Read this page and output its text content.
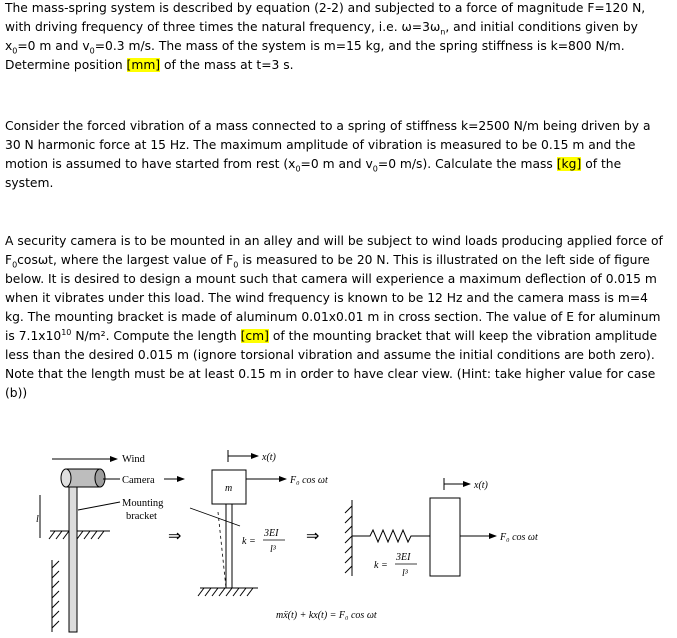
The mass-spring system is described by equation (2-2) and subjected to a force of magnitude F=120 N, with driving frequency of three times the natural frequency, i.e. $\omega=3\omega_n$, and initial conditions given by $x_0=0$ m and $v_0=0.3$ m/s. The mass of the system is m=15 kg, and the spring stiffness is k=800 N/m. Determine position [mm] of the mass at t=3 s.
Consider the forced vibration of a mass connected to a spring of stiffness k=2500 N/m being driven by a 30 N harmonic force at 15 Hz. The maximum amplitude of vibration is measured to be 0.15 m and the motion is assumed to have started from rest ($x_0=0$ m and $v_0=0$ m/s). Calculate the mass [kg] of the system.
A security camera is to be mounted in an alley and will be subject to wind loads producing applied force of $F_0\cos\omega t$, where the largest value of $F_0$ is measured to be 20 N. This is illustrated on the left side of figure below. It is desired to design a mount such that camera will experience a maximum deflection of 0.015 m when it vibrates under this load. The wind frequency is known to be 12 Hz and the camera mass is m=4 kg. The mounting bracket is made of aluminum 0.01x0.01 m in cross section. The value of E for aluminum is $7.1x10^{10}$ N/m². Compute the length [cm] of the mounting bracket that will keep the vibration amplitude less than the desired 0.015 m (ignore torsional vibration and assume the initial conditions are both zero). Note that the length must be at least 0.15 m in order to have clear view. (Hint: take higher value for case (b))
l
Wind
Camera
Mounting
bracket
⇒
x(t)
m
F₀ cos ωt
k =
3EI
l³
⇒
x(t)
F₀ cos ωt
k =
3EI
l³
mẍ(t) + kx(t) = F₀ cos ωt
